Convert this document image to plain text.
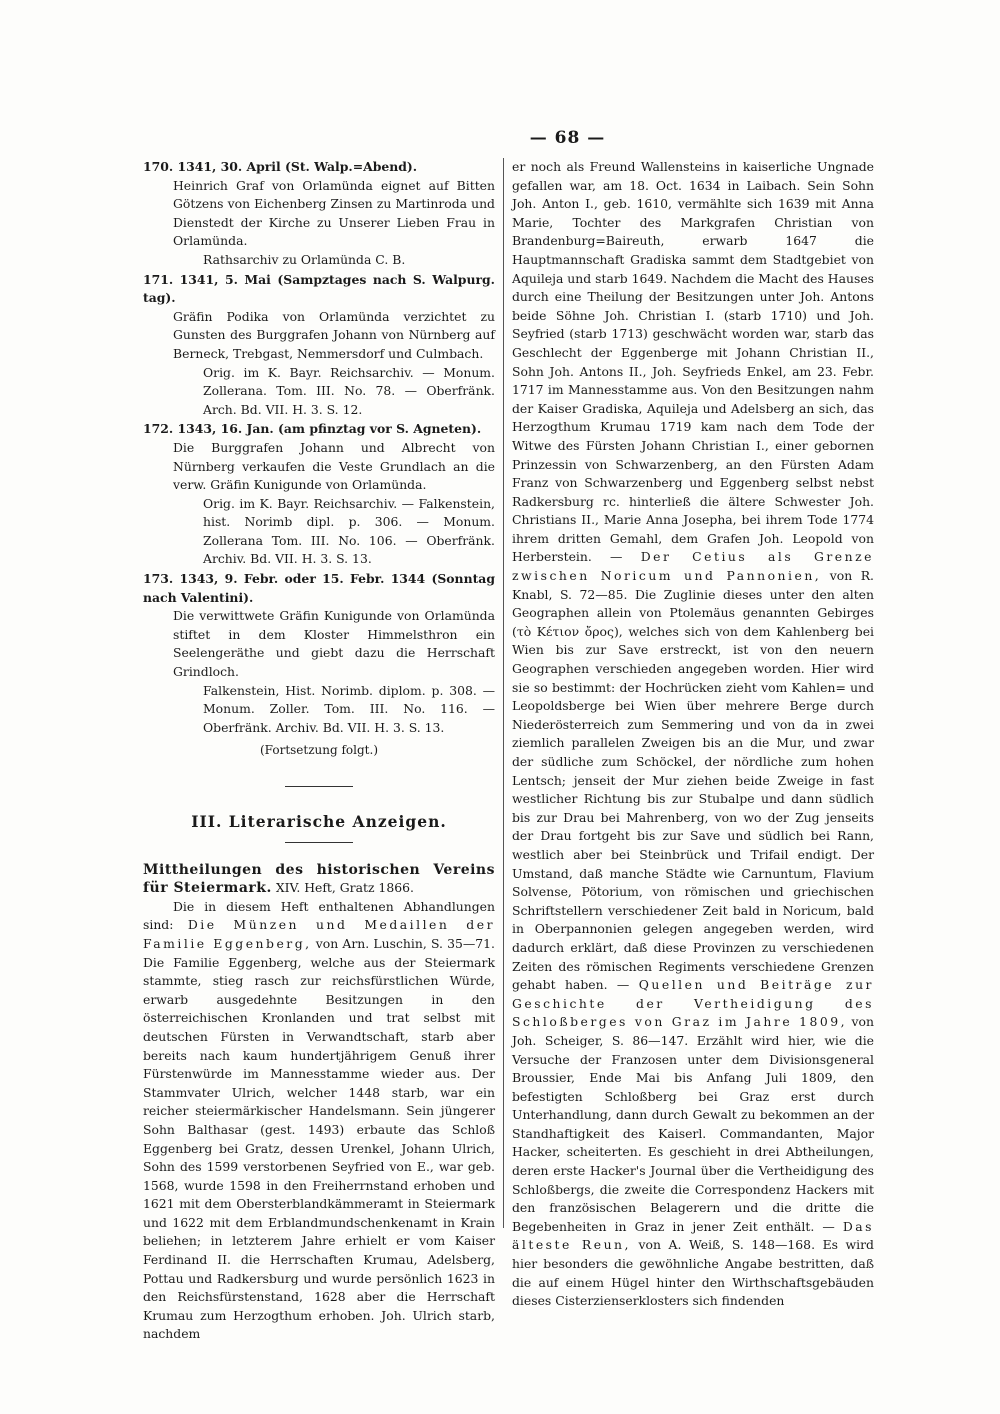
— 68 —

170. 1341, 30. April (St. Walp.=Abend).

Heinrich Graf von Orlamünda eignet auf Bitten Götzens von Eichenberg Zinsen zu Martinroda und Dienstedt der Kirche zu Unserer Lieben Frau in Orlamünda.

Rathsarchiv zu Orlamünda C. B.

171. 1341, 5. Mai (Sampztages nach S. Walpurg. tag).

Gräfin Podika von Orlamünda verzichtet zu Gunsten des Burggrafen Johann von Nürnberg auf Berneck, Trebgast, Nemmersdorf und Culmbach.

Orig. im K. Bayr. Reichsarchiv. — Monum. Zollerana. Tom. III. No. 78. — Oberfränk. Arch. Bd. VII. H. 3. S. 12.

172. 1343, 16. Jan. (am pfinztag vor S. Agneten).

Die Burggrafen Johann und Albrecht von Nürnberg verkaufen die Veste Grundlach an die verw. Gräfin Kunigunde von Orlamünda.

Orig. im K. Bayr. Reichsarchiv. — Falkenstein, hist. Norimb dipl. p. 306. — Monum. Zollerana Tom. III. No. 106. — Oberfränk. Archiv. Bd. VII. H. 3. S. 13.

173. 1343, 9. Febr. oder 15. Febr. 1344 (Sonntag nach Valentini).

Die verwittwete Gräfin Kunigunde von Orlamünda stiftet in dem Kloster Himmelsthron ein Seelengeräthe und giebt dazu die Herrschaft Grindloch.

Falkenstein, Hist. Norimb. diplom. p. 308. — Monum. Zoller. Tom. III. No. 116. — Oberfränk. Archiv. Bd. VII. H. 3. S. 13.

(Fortsetzung folgt.)

III. Literarische Anzeigen.

Mittheilungen des historischen Vereins für Steiermark. XIV. Heft, Gratz 1866.

Die in diesem Heft enthaltenen Abhandlungen sind: Die Münzen und Medaillen der Familie Eggenberg, von Arn. Luschin, S. 35—71. Die Familie Eggenberg, welche aus der Steiermark stammte, stieg rasch zur reichsfürstlichen Würde, erwarb ausgedehnte Besitzungen in den österreichischen Kronlanden und trat selbst mit deutschen Fürsten in Verwandtschaft, starb aber bereits nach kaum hundertjährigem Genuß ihrer Fürstenwürde im Mannesstamme wieder aus. Der Stammvater Ulrich, welcher 1448 starb, war ein reicher steiermärkischer Handelsmann. Sein jüngerer Sohn Balthasar (gest. 1493) erbaute das Schloß Eggenberg bei Gratz, dessen Urenkel, Johann Ulrich, Sohn des 1599 verstorbenen Seyfried von E., war geb. 1568, wurde 1598 in den Freiherrnstand erhoben und 1621 mit dem Obersterblandkämmeramt in Steiermark und 1622 mit dem Erblandmundschenkenamt in Krain beliehen; in letzterem Jahre erhielt er vom Kaiser Ferdinand II. die Herrschaften Krumau, Adelsberg, Pottau und Radkersburg und wurde persönlich 1623 in den Reichsfürstenstand, 1628 aber die Herrschaft Krumau zum Herzogthum erhoben. Joh. Ulrich starb, nachdem

er noch als Freund Wallensteins in kaiserliche Ungnade gefallen war, am 18. Oct. 1634 in Laibach. Sein Sohn Joh. Anton I., geb. 1610, vermählte sich 1639 mit Anna Marie, Tochter des Markgrafen Christian von Brandenburg=Baireuth, erwarb 1647 die Hauptmannschaft Gradiska sammt dem Stadtgebiet von Aquileja und starb 1649. Nachdem die Macht des Hauses durch eine Theilung der Besitzungen unter Joh. Antons beide Söhne Joh. Christian I. (starb 1710) und Joh. Seyfried (starb 1713) geschwächt worden war, starb das Geschlecht der Eggenberge mit Johann Christian II., Sohn Joh. Antons II., Joh. Seyfrieds Enkel, am 23. Febr. 1717 im Mannesstamme aus. Von den Besitzungen nahm der Kaiser Gradiska, Aquileja und Adelsberg an sich, das Herzogthum Krumau 1719 kam nach dem Tode der Witwe des Fürsten Johann Christian I., einer gebornen Prinzessin von Schwarzenberg, an den Fürsten Adam Franz von Schwarzenberg und Eggenberg selbst nebst Radkersburg rc. hinterließ die ältere Schwester Joh. Christians II., Marie Anna Josepha, bei ihrem Tode 1774 ihrem dritten Gemahl, dem Grafen Joh. Leopold von Herberstein. — Der Cetius als Grenze zwischen Noricum und Pannonien, von R. Knabl, S. 72—85. Die Zuglinie dieses unter den alten Geographen allein von Ptolemäus genannten Gebirges (τὸ Κέτιον ὄρος), welches sich von dem Kahlenberg bei Wien bis zur Save erstreckt, ist von den neuern Geographen verschieden angegeben worden. Hier wird sie so bestimmt: der Hochrücken zieht vom Kahlen= und Leopoldsberge bei Wien über mehrere Berge durch Niederösterreich zum Semmering und von da in zwei ziemlich parallelen Zweigen bis an die Mur, und zwar der südliche zum Schöckel, der nördliche zum hohen Lentsch; jenseit der Mur ziehen beide Zweige in fast westlicher Richtung bis zur Stubalpe und dann südlich bis zur Drau bei Mahrenberg, von wo der Zug jenseits der Drau fortgeht bis zur Save und südlich bei Rann, westlich aber bei Steinbrück und Trifail endigt. Der Umstand, daß manche Städte wie Carnuntum, Flavium Solvense, Pötorium, von römischen und griechischen Schriftstellern verschiedener Zeit bald in Noricum, bald in Oberpannonien gelegen angegeben werden, wird dadurch erklärt, daß diese Provinzen zu verschiedenen Zeiten des römischen Regiments verschiedene Grenzen gehabt haben. — Quellen und Beiträge zur Geschichte der Vertheidigung des Schloßberges von Graz im Jahre 1809, von Joh. Scheiger, S. 86—147. Erzählt wird hier, wie die Versuche der Franzosen unter dem Divisionsgeneral Broussier, Ende Mai bis Anfang Juli 1809, den befestigten Schloßberg bei Graz erst durch Unterhandlung, dann durch Gewalt zu bekommen an der Standhaftigkeit des Kaiserl. Commandanten, Major Hacker, scheiterten. Es geschieht in drei Abtheilungen, deren erste Hacker's Journal über die Vertheidigung des Schloßbergs, die zweite die Correspondenz Hackers mit den französischen Belagerern und die dritte die Begebenheiten in Graz in jener Zeit enthält. — Das älteste Reun, von A. Weiß, S. 148—168. Es wird hier besonders die gewöhnliche Angabe bestritten, daß die auf einem Hügel hinter den Wirthschaftsgebäuden dieses Cisterzienserklosters sich findenden
